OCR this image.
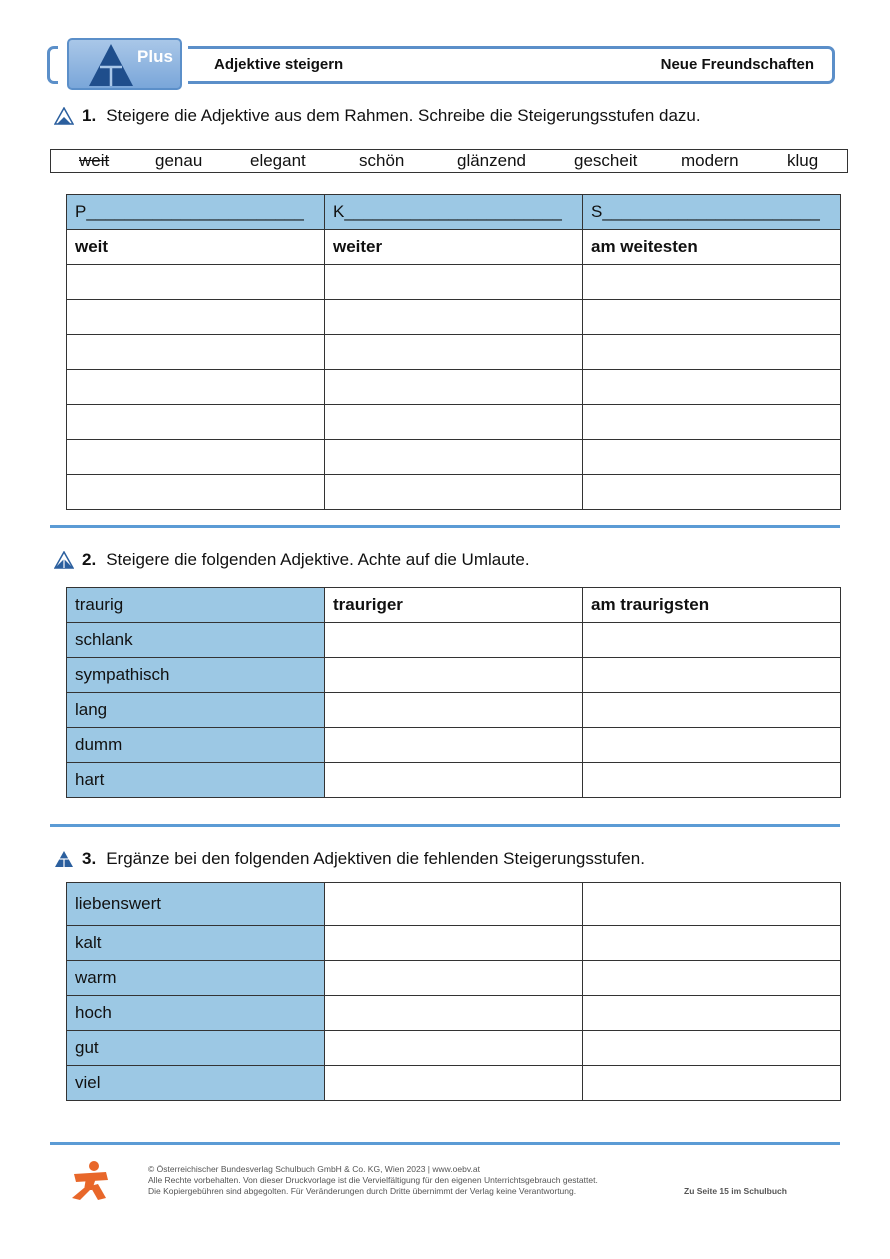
Plus	Adjektive steigern	Neue Freundschaften
1. Steigere die Adjektive aus dem Rahmen. Schreibe die Steigerungsstufen dazu.
weit	genau	elegant	schön	glänzend	gescheit	modern	klug
P_______________________	K_______________________	S_______________________
weit	weiter	am weitesten

2. Steigere die folgenden Adjektive. Achte auf die Umlaute.
traurig	trauriger	am traurigsten
schlank		
sympathisch		
lang		
dumm		
hart		
3. Ergänze bei den folgenden Adjektiven die fehlenden Steigerungsstufen.
liebenswert		
kalt		
warm		
hoch		
gut		
viel		
© Österreichischer Bundesverlag Schulbuch GmbH & Co. KG, Wien 2023 | www.oebv.at
Alle Rechte vorbehalten. Von dieser Druckvorlage ist die Vervielfältigung für den eigenen Unterrichtsgebrauch gestattet.
Die Kopiergebühren sind abgegolten. Für Veränderungen durch Dritte übernimmt der Verlag keine Verantwortung.	Zu Seite 15 im Schulbuch
